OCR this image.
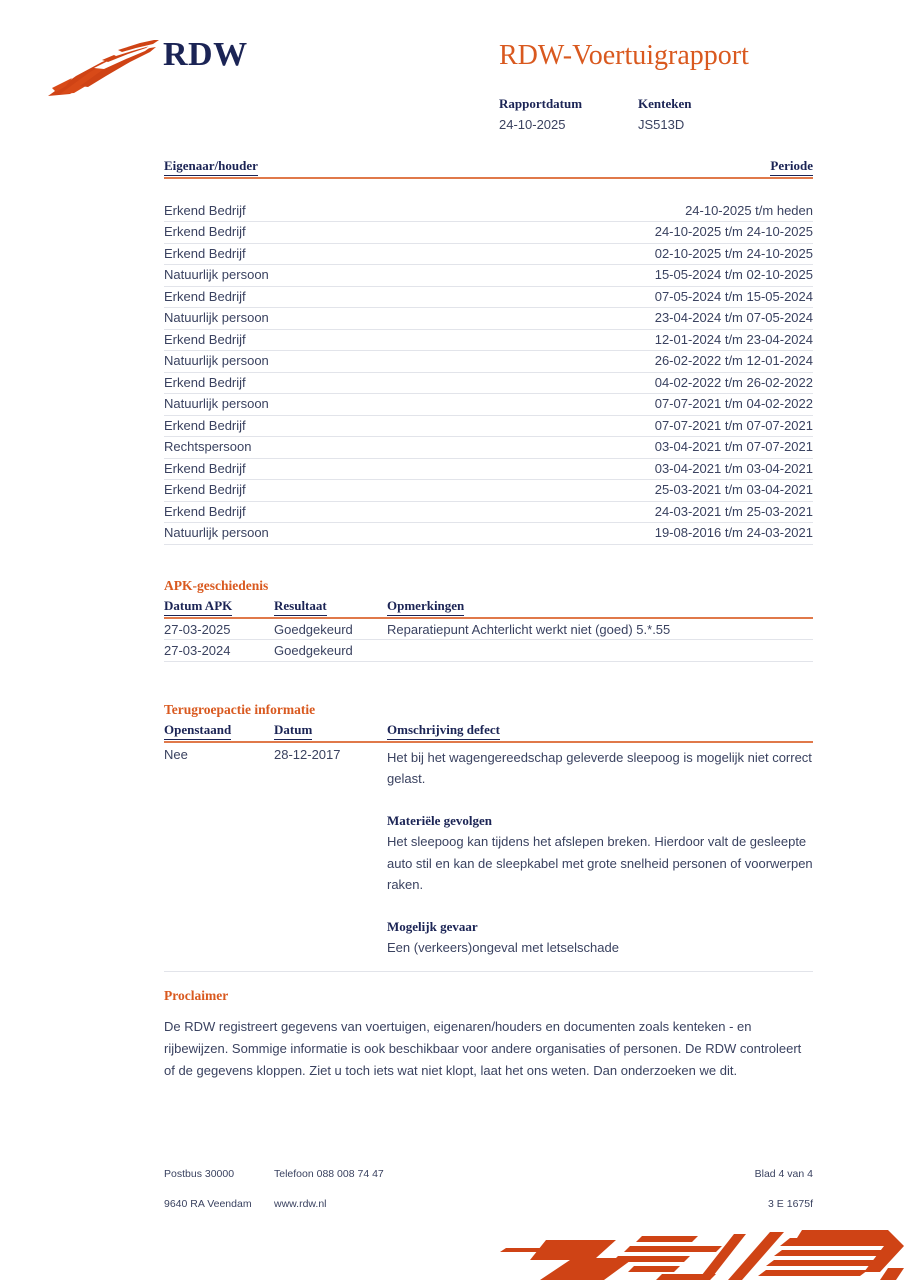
RDW	RDW-Voertuigrapport
Rapportdatum
24-10-2025
Kenteken
JS513D
Eigenaar/houder	Periode
Erkend Bedrijf	24-10-2025 t/m heden
Erkend Bedrijf	24-10-2025 t/m 24-10-2025
Erkend Bedrijf	02-10-2025 t/m 24-10-2025
Natuurlijk persoon	15-05-2024 t/m 02-10-2025
Erkend Bedrijf	07-05-2024 t/m 15-05-2024
Natuurlijk persoon	23-04-2024 t/m 07-05-2024
Erkend Bedrijf	12-01-2024 t/m 23-04-2024
Natuurlijk persoon	26-02-2022 t/m 12-01-2024
Erkend Bedrijf	04-02-2022 t/m 26-02-2022
Natuurlijk persoon	07-07-2021 t/m 04-02-2022
Erkend Bedrijf	07-07-2021 t/m 07-07-2021
Rechtspersoon	03-04-2021 t/m 07-07-2021
Erkend Bedrijf	03-04-2021 t/m 03-04-2021
Erkend Bedrijf	25-03-2021 t/m 03-04-2021
Erkend Bedrijf	24-03-2021 t/m 25-03-2021
Natuurlijk persoon	19-08-2016 t/m 24-03-2021
APK-geschiedenis
Datum APK	Resultaat	Opmerkingen
27-03-2025	Goedgekeurd	Reparatiepunt Achterlicht werkt niet (goed) 5.*.55
27-03-2024	Goedgekeurd
Terugroepactie informatie
Openstaand	Datum	Omschrijving defect
Nee	28-12-2017	Het bij het wagengereedschap geleverde sleepoog is mogelijk niet correct gelast.

Materiële gevolgen

Het sleepoog kan tijdens het afslepen breken. Hierdoor valt de gesleepte auto stil en kan de sleepkabel met grote snelheid personen of voorwerpen raken.

Mogelijk gevaar

Een (verkeers)ongeval met letselschade

Proclaimer
De RDW registreert gegevens van voertuigen, eigenaren/houders en documenten zoals kenteken - en rijbewijzen. Sommige informatie is ook beschikbaar voor andere organisaties of personen. De RDW controleert of de gegevens kloppen. Ziet u toch iets wat niet klopt, laat het ons weten. Dan onderzoeken we dit.
Postbus 30000	Telefoon 088 008 74 47	Blad 4 van 4
9640 RA Veendam www.rdw.nl	3 E 1675f
